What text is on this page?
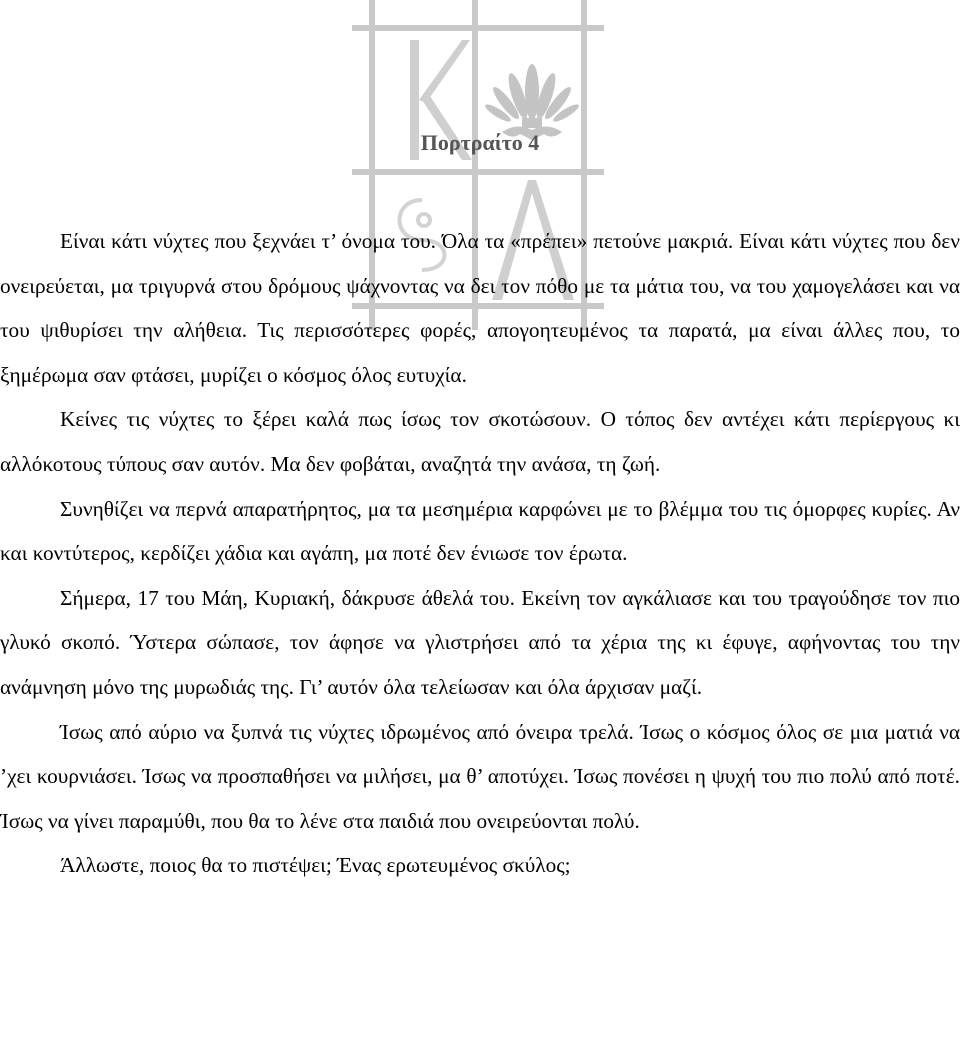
Πορτραίτο 4

Είναι κάτι νύχτες που ξεχνάει τ’ όνομα του. Όλα τα «πρέπει» πετούνε μακριά. Είναι κάτι νύχτες που δεν ονειρεύεται, μα τριγυρνά στου δρόμους ψάχνοντας να δει τον πόθο με τα μάτια του, να του χαμογελάσει και να του ψιθυρίσει την αλήθεια. Τις περισσότερες φορές, απογοητευμένος τα παρατά, μα είναι άλλες που, το ξημέρωμα σαν φτάσει, μυρίζει ο κόσμος όλος ευτυχία.

Κείνες τις νύχτες το ξέρει καλά πως ίσως τον σκοτώσουν. Ο τόπος δεν αντέχει κάτι περίεργους κι αλλόκοτους τύπους σαν αυτόν. Μα δεν φοβάται, αναζητά την ανάσα, τη ζωή.

Συνηθίζει να περνά απαρατήρητος, μα τα μεσημέρια καρφώνει με το βλέμμα του τις όμορφες κυρίες. Αν και κοντύτερος, κερδίζει χάδια και αγάπη, μα ποτέ δεν ένιωσε τον έρωτα.

Σήμερα, 17 του Μάη, Κυριακή, δάκρυσε άθελά του. Εκείνη τον αγκάλιασε και του τραγούδησε τον πιο γλυκό σκοπό. Ύστερα σώπασε, τον άφησε να γλιστρήσει από τα χέρια της κι έφυγε, αφήνοντας του την ανάμνηση μόνο της μυρωδιάς της. Γι’ αυτόν όλα τελείωσαν και όλα άρχισαν μαζί.

Ίσως από αύριο να ξυπνά τις νύχτες ιδρωμένος από όνειρα τρελά. Ίσως ο κόσμος όλος σε μια ματιά να ’χει κουρνιάσει. Ίσως να προσπαθήσει να μιλήσει, μα θ’ αποτύχει. Ίσως πονέσει η ψυχή του πιο πολύ από ποτέ. Ίσως να γίνει παραμύθι, που θα το λένε στα παιδιά που ονειρεύονται πολύ.

Άλλωστε, ποιος θα το πιστέψει; Ένας ερωτευμένος σκύλος;
